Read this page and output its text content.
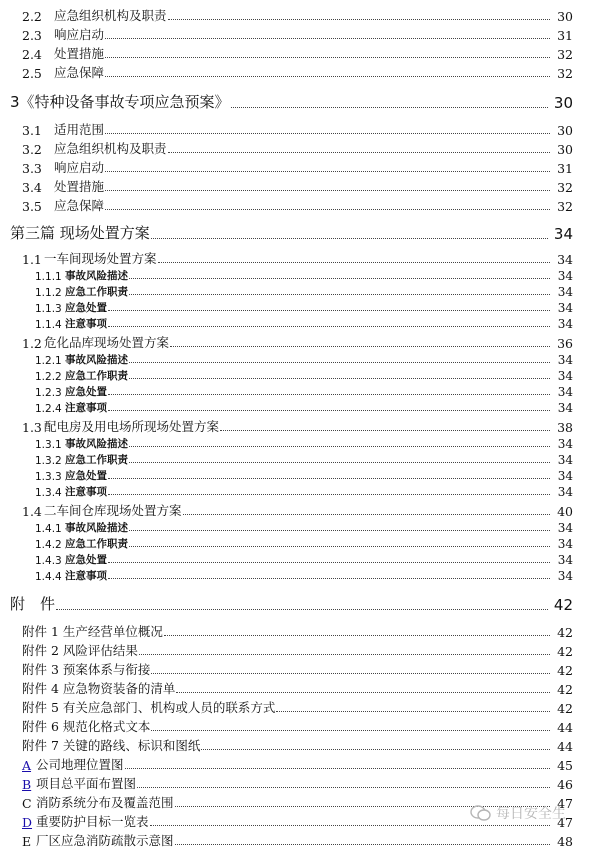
2.2 应急组织机构及职责	30
2.3 响应启动	31
2.4 处置措施	32
2.5 应急保障	32
3《特种设备事故专项应急预案》	30
3.1 适用范围	30
3.2 应急组织机构及职责	30
3.3 响应启动	31
3.4 处置措施	32
3.5 应急保障	32
第三篇 现场处置方案	34
1.1 一车间现场处置方案	34
1.1.1 事故风险描述	34
1.1.2 应急工作职责	34
1.1.3 应急处置	34
1.1.4 注意事项	34
1.2 危化品库现场处置方案	36
1.2.1 事故风险描述	34
1.2.2 应急工作职责	34
1.2.3 应急处置	34
1.2.4 注意事项	34
1.3 配电房及用电场所现场处置方案	38
1.3.1 事故风险描述	34
1.3.2 应急工作职责	34
1.3.3 应急处置	34
1.3.4 注意事项	34
1.4 二车间仓库现场处置方案	40
1.4.1 事故风险描述	34
1.4.2 应急工作职责	34
1.4.3 应急处置	34
1.4.4 注意事项	34
附　件	42
附件 1 生产经营单位概况	42
附件 2 风险评估结果	42
附件 3 预案体系与衔接	42
附件 4 应急物资装备的清单	42
附件 5 有关应急部门、机构或人员的联系方式	42
附件 6 规范化格式文本	44
附件 7 关键的路线、标识和图纸	44
A 公司地理位置图	45
B 项目总平面布置图	46
C 消防系统分布及覆盖范围	47
D 重要防护目标一览表	47
E 厂区应急消防疏散示意图	48
每日安全生
